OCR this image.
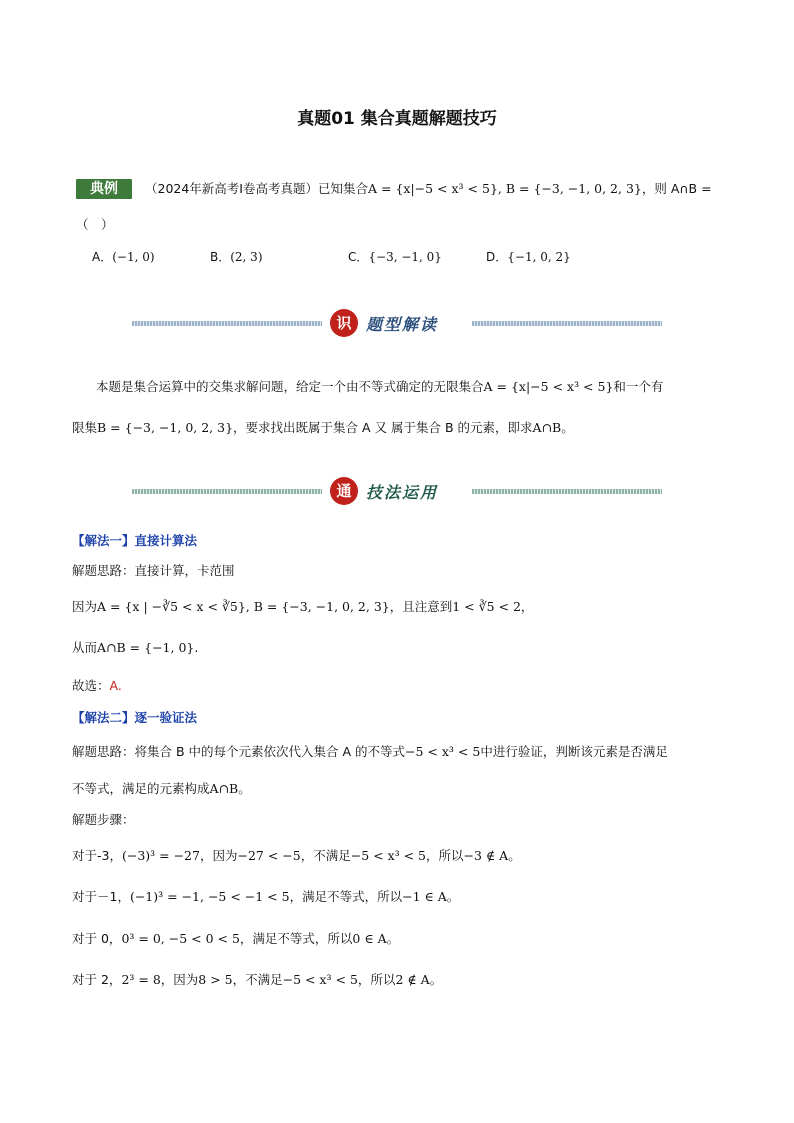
真题01 集合真题解题技巧
典例	（2024年新高考Ⅰ卷高考真题）已知集合A = {x|−5 < x³ < 5}, B = {−3, −1, 0, 2, 3}，则 A∩B =
（　）
A．(−1, 0)	B．(2, 3)	C．{−3, −1, 0}	D．{−1, 0, 2}
识 题型解读
本题是集合运算中的交集求解问题，给定一个由不等式确定的无限集合A = {x|−5 < x³ < 5}和一个有
限集B = {−3, −1, 0, 2, 3}，要求找出既属于集合 A 又 属于集合 B 的元素，即求A∩B。
通 技法运用
【解法一】直接计算法
解题思路：直接计算，卡范围
因为A = {x | −∛5 < x < ∛5}, B = {−3, −1, 0, 2, 3}，且注意到1 < ∛5 < 2，
从而A∩B = {−1, 0}.
故选：A.
【解法二】逐一验证法
解题思路：将集合 B 中的每个元素依次代入集合 A 的不等式−5 < x³ < 5中进行验证，判断该元素是否满足
不等式，满足的元素构成A∩B。
解题步骤：
对于-3，(−3)³ = −27，因为−27 < −5，不满足−5 < x³ < 5，所以−3 ∉ A。
对于－1，(−1)³ = −1, −5 < −1 < 5，满足不等式，所以−1 ∈ A。
对于 0，0³ = 0, −5 < 0 < 5，满足不等式，所以0 ∈ A。
对于 2，2³ = 8，因为8 > 5，不满足−5 < x³ < 5，所以2 ∉ A。
